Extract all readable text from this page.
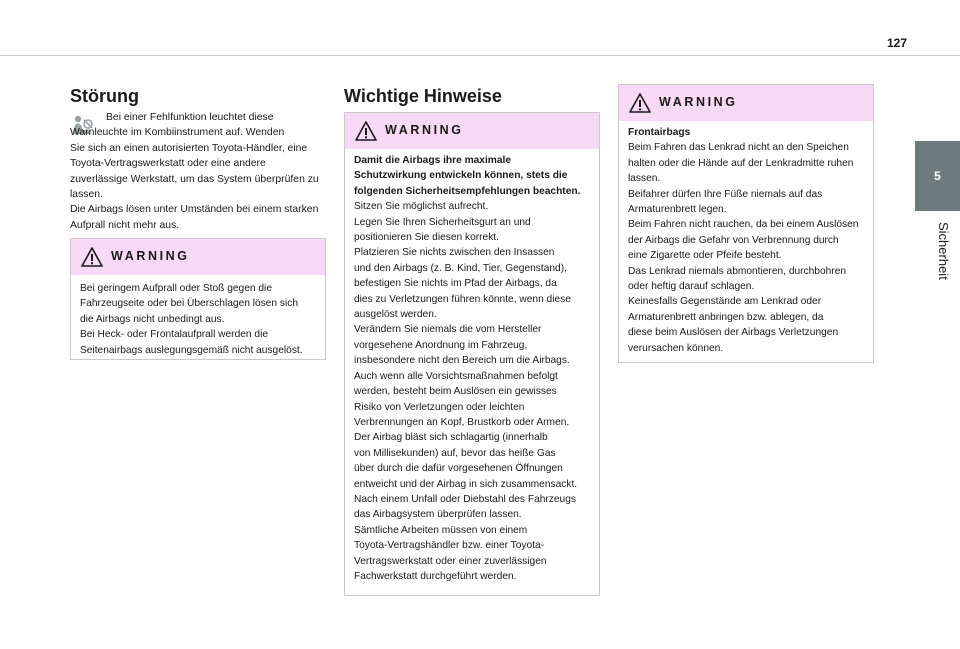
127
5
Sicherheit
Störung

Bei einer Fehlfunktion leuchtet diese

Warnleuchte im Kombiinstrument auf. Wenden

Sie sich an einen autorisierten Toyota-Händler, eine

Toyota-Vertragswerkstatt oder eine andere

zuverlässige Werkstatt, um das System überprüfen zu

lassen.

Die Airbags lösen unter Umständen bei einem starken

Aufprall nicht mehr aus.

WARNING

Bei geringem Aufprall oder Stoß gegen die

Fahrzeugseite oder bei Überschlagen lösen sich

die Airbags nicht unbedingt aus.

Bei Heck- oder Frontalaufprall werden die

Seitenairbags auslegungsgemäß nicht ausgelöst.

Wichtige Hinweise
WARNING

Damit die Airbags ihre maximale

Schutzwirkung entwickeln können, stets die

folgenden Sicherheitsempfehlungen beachten.

Sitzen Sie möglichst aufrecht.

Legen Sie Ihren Sicherheitsgurt an und

positionieren Sie diesen korrekt.

Platzieren Sie nichts zwischen den Insassen

und den Airbags (z. B. Kind, Tier, Gegenstand),

befestigen Sie nichts im Pfad der Airbags, da

dies zu Verletzungen führen könnte, wenn diese

ausgelöst werden.

Verändern Sie niemals die vom Hersteller

vorgesehene Anordnung im Fahrzeug,

insbesondere nicht den Bereich um die Airbags.

Auch wenn alle Vorsichtsmaßnahmen befolgt

werden, besteht beim Auslösen ein gewisses

Risiko von Verletzungen oder leichten

Verbrennungen an Kopf, Brustkorb oder Armen.

Der Airbag bläst sich schlagartig (innerhalb

von Millisekunden) auf, bevor das heiße Gas

über durch die dafür vorgesehenen Öffnungen

entweicht und der Airbag in sich zusammensackt.

Nach einem Unfall oder Diebstahl des Fahrzeugs

das Airbagsystem überprüfen lassen.

Sämtliche Arbeiten müssen von einem

Toyota-Vertragshändler bzw. einer Toyota-

Vertragswerkstatt oder einer zuverlässigen

Fachwerkstatt durchgeführt werden.

WARNING

Frontairbags

Beim Fahren das Lenkrad nicht an den Speichen

halten oder die Hände auf der Lenkradmitte ruhen

lassen.

Beifahrer dürfen Ihre Füße niemals auf das

Armaturenbrett legen.

Beim Fahren nicht rauchen, da bei einem Auslösen

der Airbags die Gefahr von Verbrennung durch

eine Zigarette oder Pfeife besteht.

Das Lenkrad niemals abmontieren, durchbohren

oder heftig darauf schlagen.

Keinesfalls Gegenstände am Lenkrad oder

Armaturenbrett anbringen bzw. ablegen, da

diese beim Auslösen der Airbags Verletzungen

verursachen können.
